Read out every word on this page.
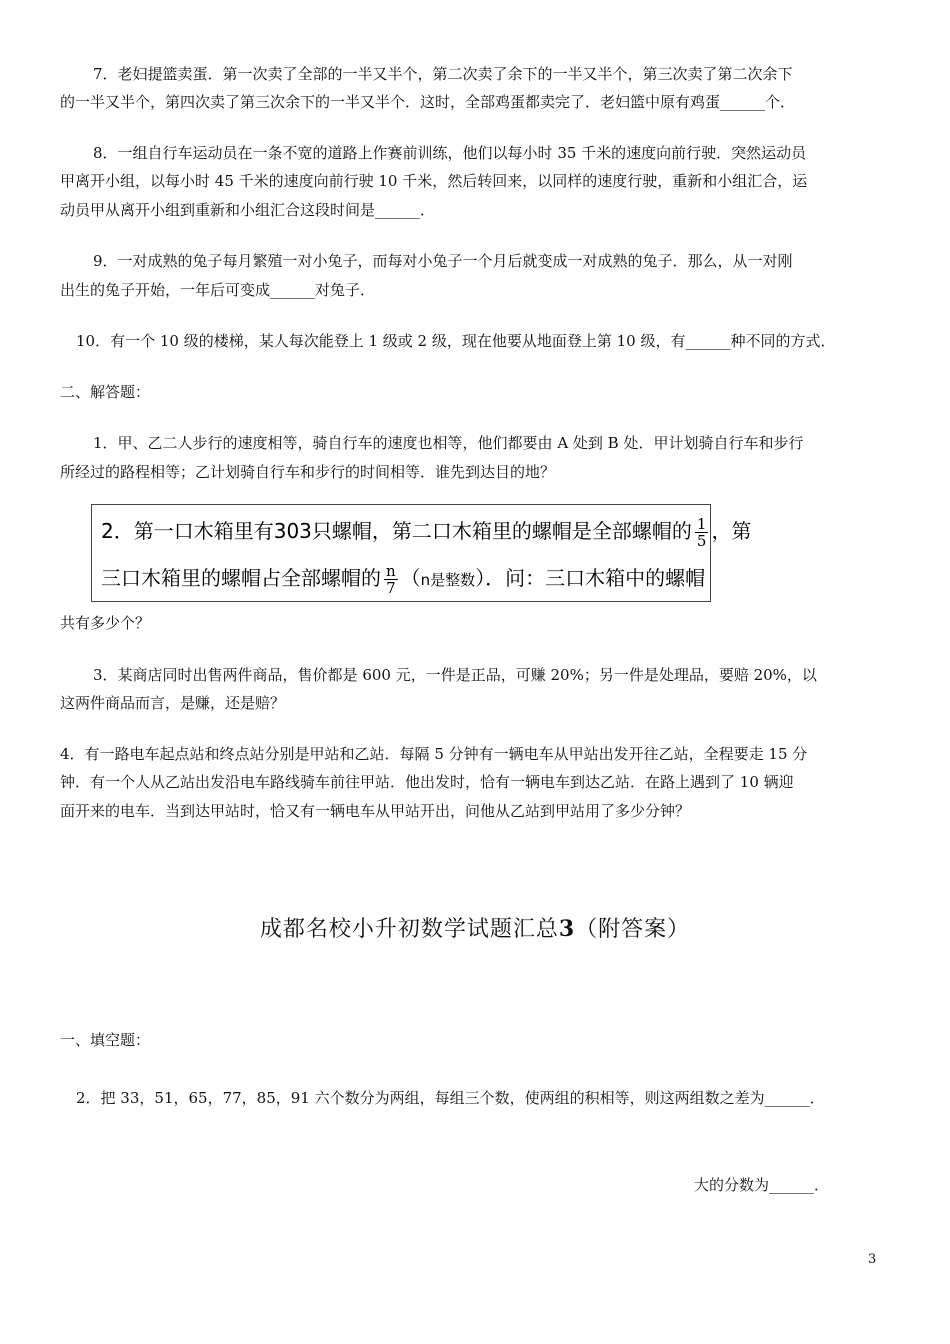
7．老妇提篮卖蛋．第一次卖了全部的一半又半个，第二次卖了余下的一半又半个，第三次卖了第二次余下
的一半又半个，第四次卖了第三次余下的一半又半个．这时，全部鸡蛋都卖完了．老妇篮中原有鸡蛋______个．
8．一组自行车运动员在一条不宽的道路上作赛前训练，他们以每小时 35 千米的速度向前行驶．突然运动员
甲离开小组，以每小时 45 千米的速度向前行驶 10 千米，然后转回来，以同样的速度行驶，重新和小组汇合，运
动员甲从离开小组到重新和小组汇合这段时间是______．
9．一对成熟的兔子每月繁殖一对小兔子，而每对小兔子一个月后就变成一对成熟的兔子．那么，从一对刚
出生的兔子开始，一年后可变成______对兔子．
10．有一个 10 级的楼梯，某人每次能登上 1 级或 2 级，现在他要从地面登上第 10 级，有______种不同的方式．
二、解答题：
1．甲、乙二人步行的速度相等，骑自行车的速度也相等，他们都要由 A 处到 B 处．甲计划骑自行车和步行
所经过的路程相等；乙计划骑自行车和步行的时间相等．谁先到达目的地？
2．第一口木箱里有303只螺帽，第二口木箱里的螺帽是全部螺帽的 $\frac{1}{5}$ ，第
三口木箱里的螺帽占全部螺帽的 $\frac{n}{7} (n$是整数）．问：三口木箱中的螺帽
共有多少个？
3．某商店同时出售两件商品，售价都是 600 元，一件是正品，可赚 20%；另一件是处理品，要赔 20%，以
这两件商品而言，是赚，还是赔？
4．有一路电车起点站和终点站分别是甲站和乙站．每隔 5 分钟有一辆电车从甲站出发开往乙站，全程要走 15 分
钟．有一个人从乙站出发沿电车路线骑车前往甲站．他出发时，恰有一辆电车到达乙站．在路上遇到了 10 辆迎
面开来的电车．当到达甲站时，恰又有一辆电车从甲站开出，问他从乙站到甲站用了多少分钟？
成都名校小升初数学试题汇总3（附答案）
一、填空题：
2．把 33，51，65，77，85，91 六个数分为两组，每组三个数，使两组的积相等，则这两组数之差为______．
大的分数为______．
3
